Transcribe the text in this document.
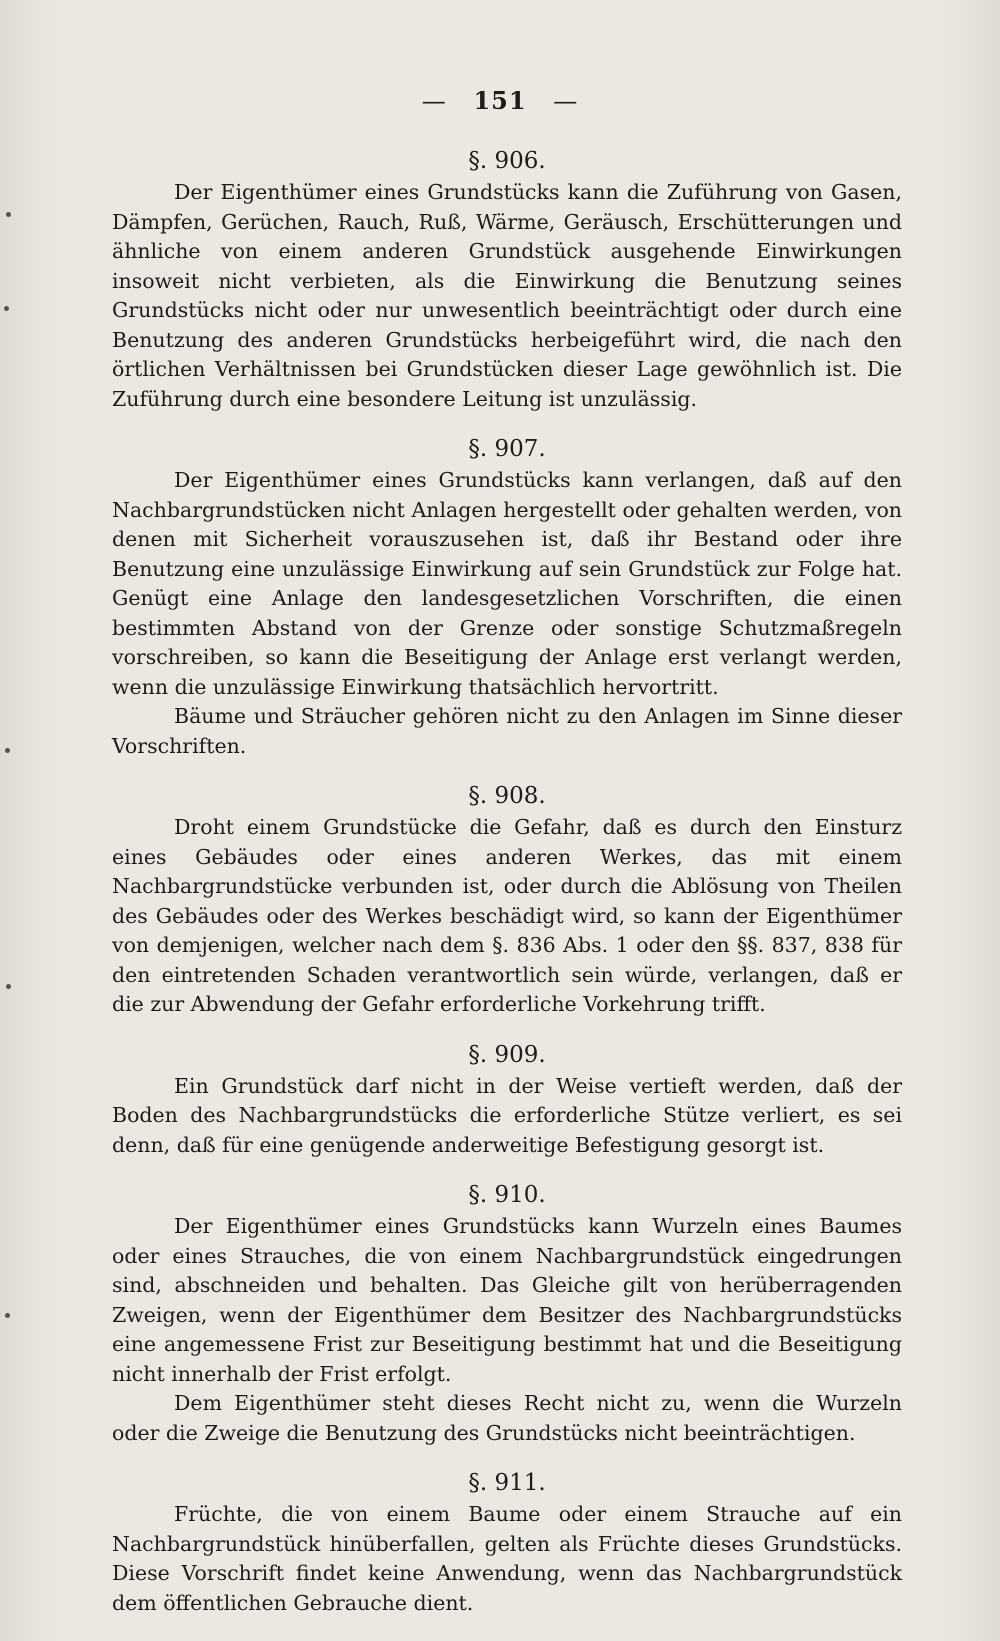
— 151 —
§. 906.

Der Eigenthümer eines Grundstücks kann die Zuführung von Gasen, Dämpfen, Gerüchen, Rauch, Ruß, Wärme, Geräusch, Erschütterungen und ähnliche von einem anderen Grundstück ausgehende Einwirkungen insoweit nicht verbieten, als die Einwirkung die Benutzung seines Grundstücks nicht oder nur unwesentlich beeinträchtigt oder durch eine Benutzung des anderen Grundstücks herbeigeführt wird, die nach den örtlichen Verhältnissen bei Grundstücken dieser Lage gewöhnlich ist. Die Zuführung durch eine besondere Leitung ist unzulässig.

§. 907.

Der Eigenthümer eines Grundstücks kann verlangen, daß auf den Nachbargrundstücken nicht Anlagen hergestellt oder gehalten werden, von denen mit Sicherheit vorauszusehen ist, daß ihr Bestand oder ihre Benutzung eine unzulässige Einwirkung auf sein Grundstück zur Folge hat. Genügt eine Anlage den landesgesetzlichen Vorschriften, die einen bestimmten Abstand von der Grenze oder sonstige Schutzmaßregeln vorschreiben, so kann die Beseitigung der Anlage erst verlangt werden, wenn die unzulässige Einwirkung thatsächlich hervortritt.

Bäume und Sträucher gehören nicht zu den Anlagen im Sinne dieser Vorschriften.

§. 908.

Droht einem Grundstücke die Gefahr, daß es durch den Einsturz eines Gebäudes oder eines anderen Werkes, das mit einem Nachbargrundstücke verbunden ist, oder durch die Ablösung von Theilen des Gebäudes oder des Werkes beschädigt wird, so kann der Eigenthümer von demjenigen, welcher nach dem §. 836 Abs. 1 oder den §§. 837, 838 für den eintretenden Schaden verantwortlich sein würde, verlangen, daß er die zur Abwendung der Gefahr erforderliche Vorkehrung trifft.

§. 909.

Ein Grundstück darf nicht in der Weise vertieft werden, daß der Boden des Nachbargrundstücks die erforderliche Stütze verliert, es sei denn, daß für eine genügende anderweitige Befestigung gesorgt ist.

§. 910.

Der Eigenthümer eines Grundstücks kann Wurzeln eines Baumes oder eines Strauches, die von einem Nachbargrundstück eingedrungen sind, abschneiden und behalten. Das Gleiche gilt von herüberragenden Zweigen, wenn der Eigenthümer dem Besitzer des Nachbargrundstücks eine angemessene Frist zur Beseitigung bestimmt hat und die Beseitigung nicht innerhalb der Frist erfolgt.

Dem Eigenthümer steht dieses Recht nicht zu, wenn die Wurzeln oder die Zweige die Benutzung des Grundstücks nicht beeinträchtigen.

§. 911.

Früchte, die von einem Baume oder einem Strauche auf ein Nachbargrundstück hinüberfallen, gelten als Früchte dieses Grundstücks. Diese Vorschrift findet keine Anwendung, wenn das Nachbargrundstück dem öffentlichen Gebrauche dient.
